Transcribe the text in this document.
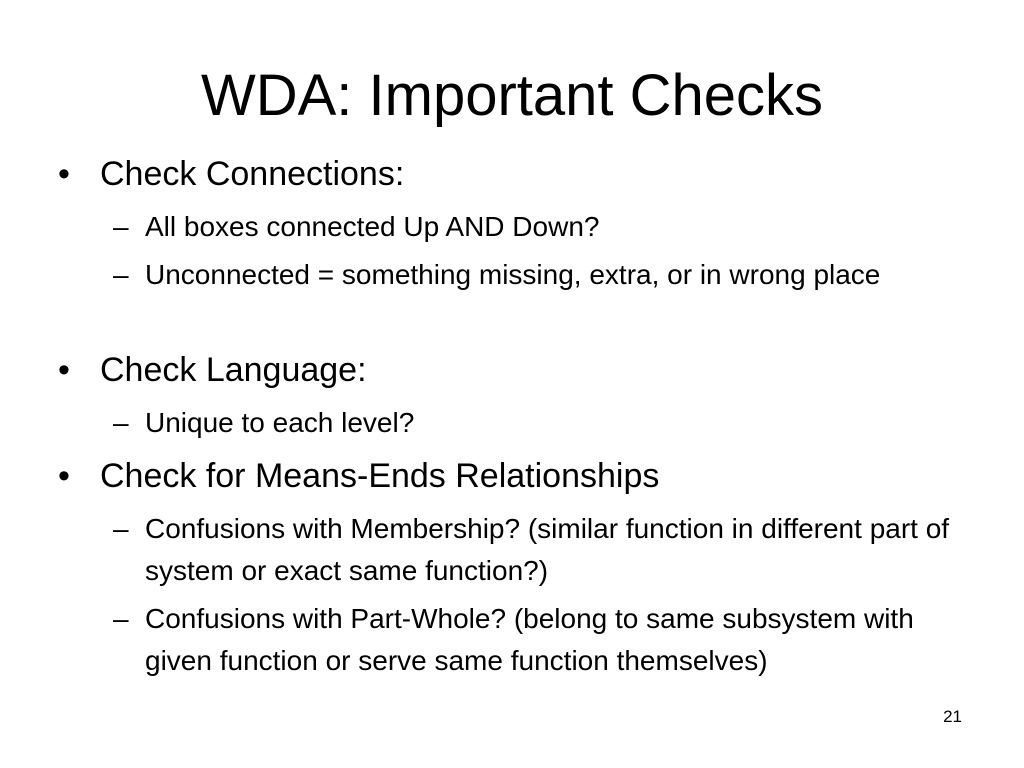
WDA: Important Checks
• Check Connections:
– All boxes connected Up AND Down?
– Unconnected = something missing, extra, or in wrong place
• Check Language:
– Unique to each level?
• Check for Means-Ends Relationships
– Confusions with Membership? (similar function in different part of system or exact same function?)
– Confusions with Part-Whole? (belong to same subsystem with given function or serve same function themselves)
21
